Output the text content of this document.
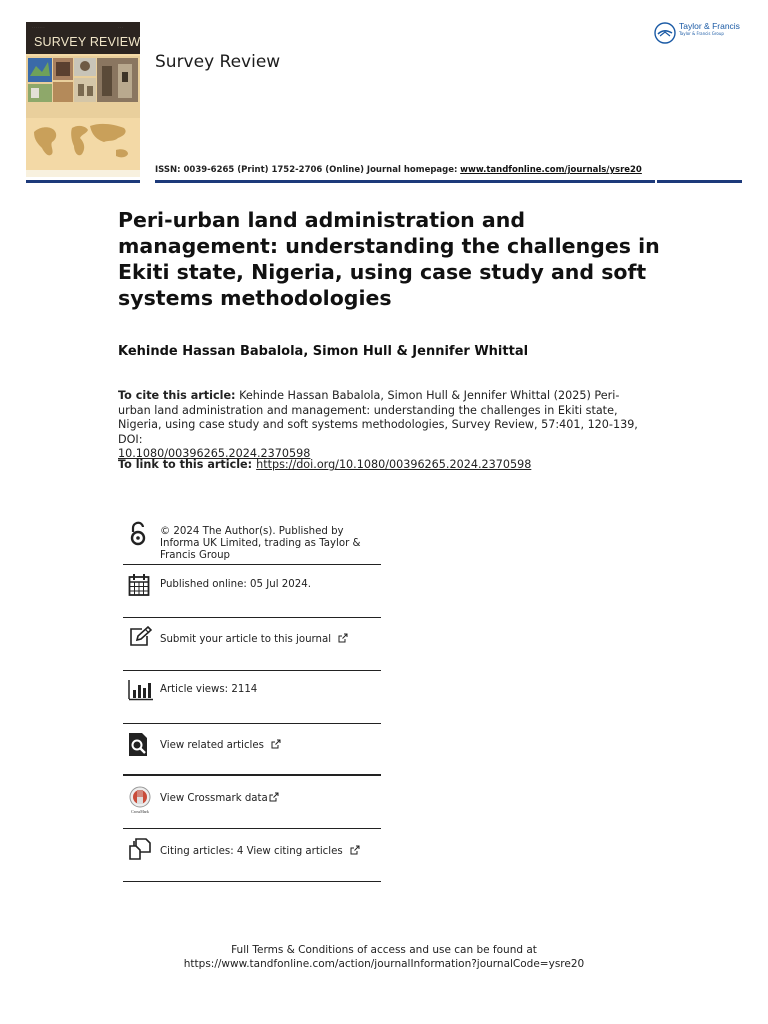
· · · · · · ·	· · ·
SURVEY REVIEW
Survey Review
ISSN: 0039-6265 (Print) 1752-2706 (Online) Journal homepage: www.tandfonline.com/journals/ysre20
Taylor & Francis
Taylor & Francis Group
Peri-urban land administration and management: understanding the challenges in Ekiti state, Nigeria, using case study and soft systems methodologies
Kehinde Hassan Babalola, Simon Hull & Jennifer Whittal
To cite this article: Kehinde Hassan Babalola, Simon Hull & Jennifer Whittal (2025) Peri-urban land administration and management: understanding the challenges in Ekiti state, Nigeria, using case study and soft systems methodologies, Survey Review, 57:401, 120-139, DOI:
10.1080/00396265.2024.2370598
To link to this article: https://doi.org/10.1080/00396265.2024.2370598
© 2024 The Author(s). Published by Informa UK Limited, trading as Taylor & Francis Group
Published online: 05 Jul 2024.
Submit your article to this journal
Article views: 2114
View related articles
CrossMark
View Crossmark data
Citing articles: 4 View citing articles
Full Terms & Conditions of access and use can be found at
https://www.tandfonline.com/action/journalInformation?journalCode=ysre20
